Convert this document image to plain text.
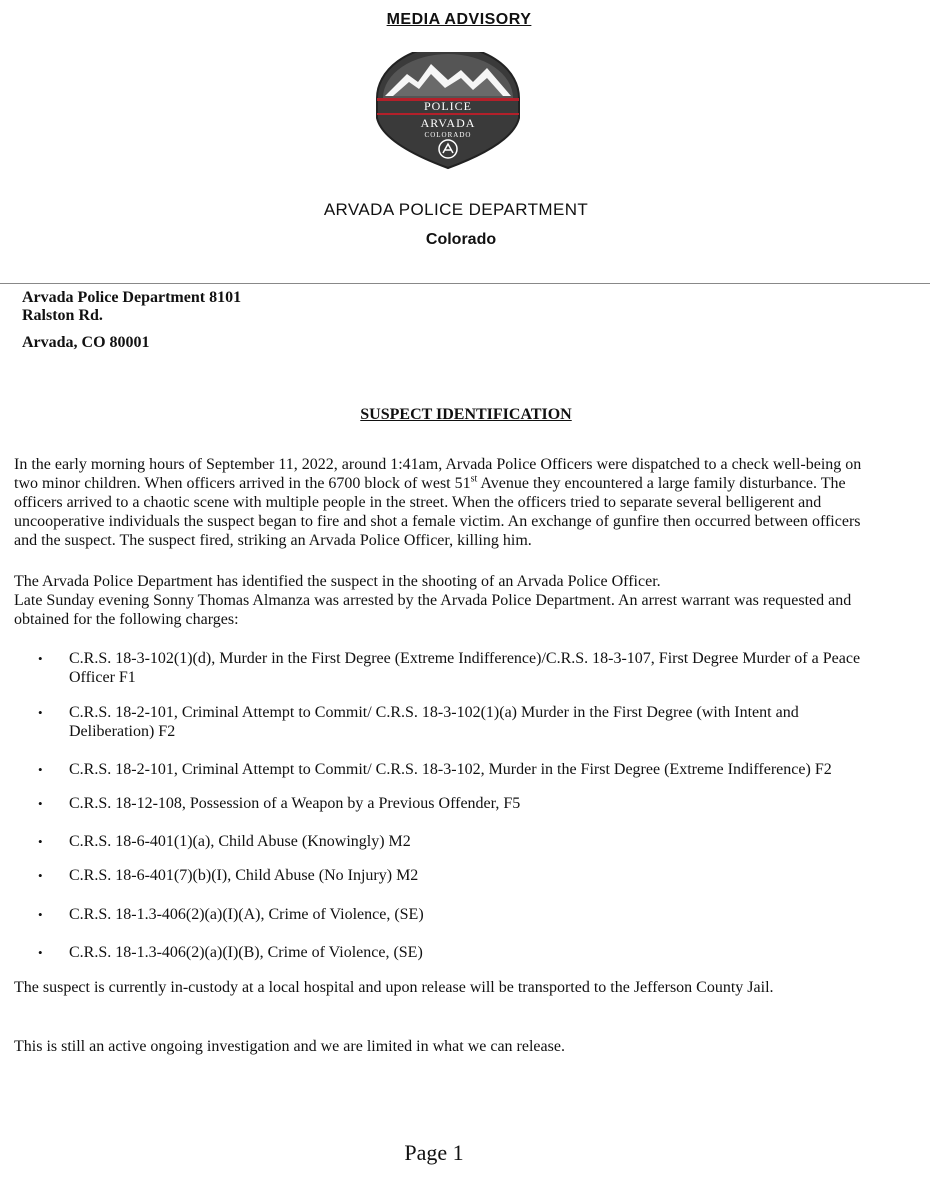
MEDIA ADVISORY
POLICE
ARVADA
COLORADO
ARVADA POLICE DEPARTMENT
Colorado
Arvada Police Department 8101
Ralston Rd.
Arvada, CO 80001
SUSPECT IDENTIFICATION
In the early morning hours of September 11, 2022, around 1:41am, Arvada Police Officers were dispatched to a check well-being on
two minor children. When officers arrived in the 6700 block of west 51st Avenue they encountered a large family disturbance. The
officers arrived to a chaotic scene with multiple people in the street. When the officers tried to separate several belligerent and
uncooperative individuals the suspect began to fire and shot a female victim. An exchange of gunfire then occurred between officers
and the suspect. The suspect fired, striking an Arvada Police Officer, killing him.
The Arvada Police Department has identified the suspect in the shooting of an Arvada Police Officer.
Late Sunday evening Sonny Thomas Almanza was arrested by the Arvada Police Department. An arrest warrant was requested and
obtained for the following charges:
• C.R.S. 18-3-102(1)(d), Murder in the First Degree (Extreme Indifference)/C.R.S. 18-3-107, First Degree Murder of a Peace
Officer F1
• C.R.S. 18-2-101, Criminal Attempt to Commit/ C.R.S. 18-3-102(1)(a) Murder in the First Degree (with Intent and
Deliberation) F2
• C.R.S. 18-2-101, Criminal Attempt to Commit/ C.R.S. 18-3-102, Murder in the First Degree (Extreme Indifference) F2
• C.R.S. 18-12-108, Possession of a Weapon by a Previous Offender, F5
• C.R.S. 18-6-401(1)(a), Child Abuse (Knowingly) M2
• C.R.S. 18-6-401(7)(b)(I), Child Abuse (No Injury) M2
• C.R.S. 18-1.3-406(2)(a)(I)(A), Crime of Violence, (SE)
• C.R.S. 18-1.3-406(2)(a)(I)(B), Crime of Violence, (SE)
The suspect is currently in-custody at a local hospital and upon release will be transported to the Jefferson County Jail.
This is still an active ongoing investigation and we are limited in what we can release.
Page 1
